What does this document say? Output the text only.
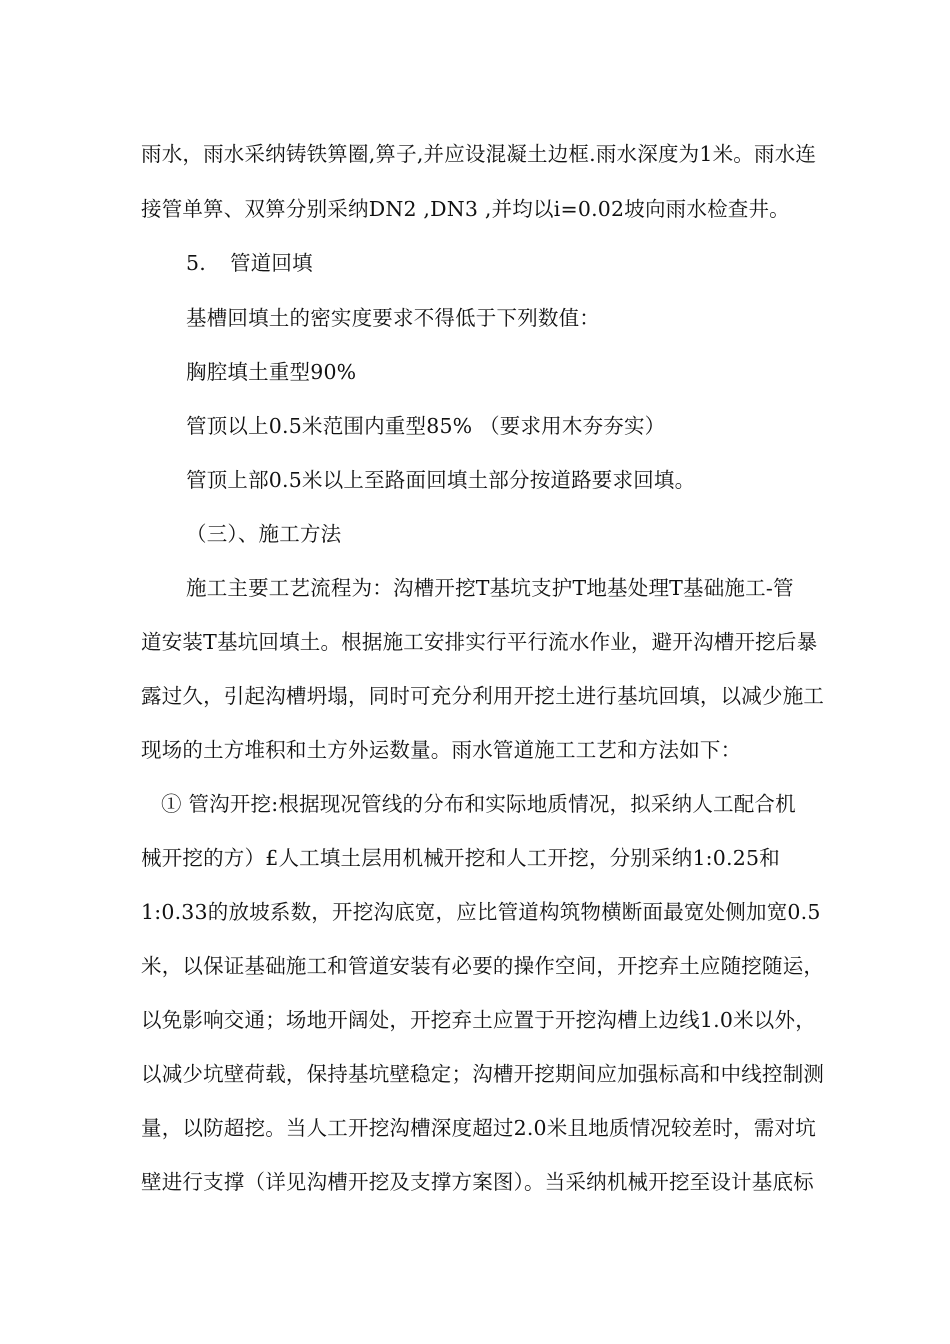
雨水，雨水采纳铸铁箅圈,箅子,并应设混凝土边框.雨水深度为1米。雨水连
接管单箅、双箅分别采纳DN2 ,DN3 ,并均以i=0.02坡向雨水检查井。
5. 管道回填
基槽回填土的密实度要求不得低于下列数值：
胸腔填土重型90%
管顶以上0.5米范围内重型85% （要求用木夯夯实）
管顶上部0.5米以上至路面回填土部分按道路要求回填。
（三）、施工方法
施工主要工艺流程为：沟槽开挖T基坑支护T地基处理T基础施工-管
道安装T基坑回填土。根据施工安排实行平行流水作业，避开沟槽开挖后暴
露过久，引起沟槽坍塌，同时可充分利用开挖土进行基坑回填，以减少施工
现场的土方堆积和土方外运数量。雨水管道施工工艺和方法如下：
① 管沟开挖:根据现况管线的分布和实际地质情况，拟采纳人工配合机
械开挖的方）£人工填土层用机械开挖和人工开挖，分别采纳1:0.25和
1:0.33的放坡系数，开挖沟底宽，应比管道构筑物横断面最宽处侧加宽0.5
米，以保证基础施工和管道安装有必要的操作空间，开挖弃土应随挖随运，
以免影响交通；场地开阔处，开挖弃土应置于开挖沟槽上边线1.0米以外，
以减少坑壁荷载，保持基坑壁稳定；沟槽开挖期间应加强标高和中线控制测
量，以防超挖。当人工开挖沟槽深度超过2.0米且地质情况较差时，需对坑
壁进行支撑（详见沟槽开挖及支撑方案图）。当采纳机械开挖至设计基底标
